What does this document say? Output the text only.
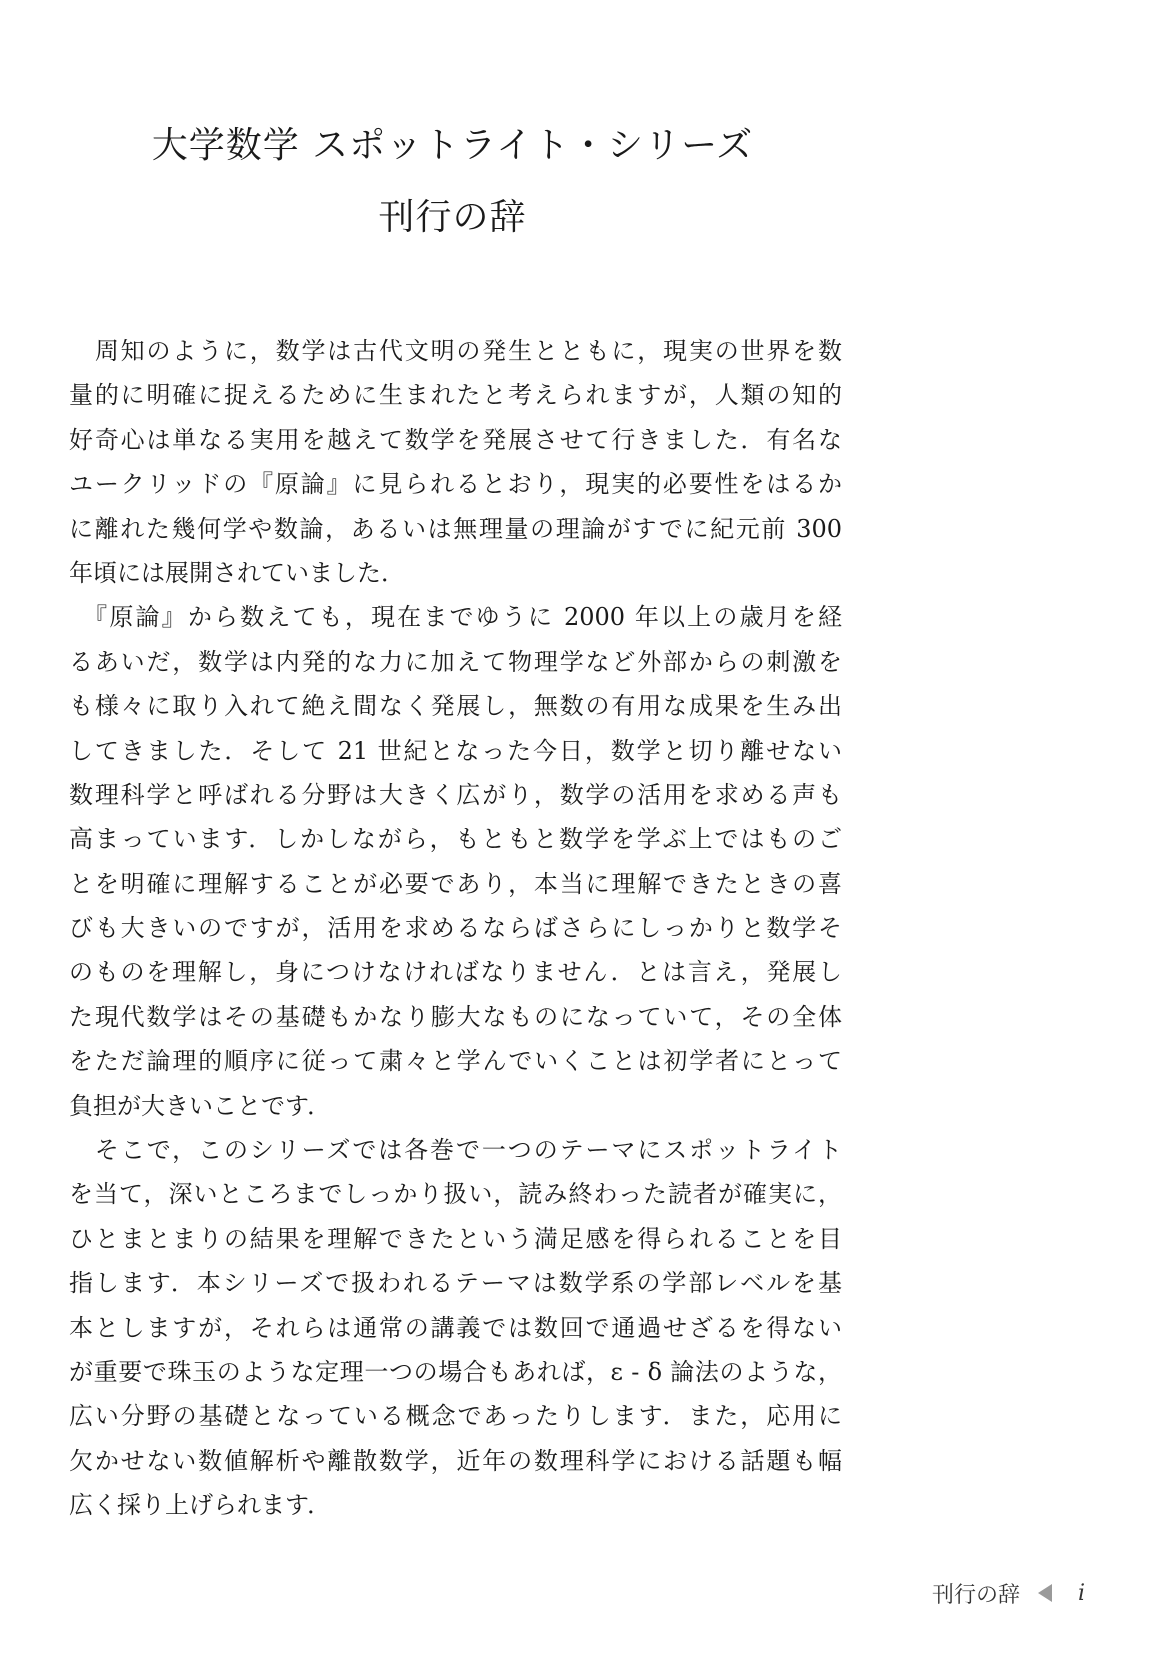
大学数学 スポットライト・シリーズ
刊行の辞
　周知のように，数学は古代文明の発生とともに，現実の世界を数
量的に明確に捉えるために生まれたと考えられますが，人類の知的
好奇心は単なる実用を越えて数学を発展させて行きました．有名な
ユークリッドの『原論』に見られるとおり，現実的必要性をはるか
に離れた幾何学や数論，あるいは無理量の理論がすでに紀元前 300
年頃には展開されていました．
　『原論』から数えても，現在までゆうに 2000 年以上の歳月を経
るあいだ，数学は内発的な力に加えて物理学など外部からの刺激を
も様々に取り入れて絶え間なく発展し，無数の有用な成果を生み出
してきました．そして 21 世紀となった今日，数学と切り離せない
数理科学と呼ばれる分野は大きく広がり，数学の活用を求める声も
高まっています．しかしながら，もともと数学を学ぶ上ではものご
とを明確に理解することが必要であり，本当に理解できたときの喜
びも大きいのですが，活用を求めるならばさらにしっかりと数学そ
のものを理解し，身につけなければなりません．とは言え，発展し
た現代数学はその基礎もかなり膨大なものになっていて，その全体
をただ論理的順序に従って粛々と学んでいくことは初学者にとって
負担が大きいことです．
　そこで，このシリーズでは各巻で一つのテーマにスポットライト
を当て，深いところまでしっかり扱い，読み終わった読者が確実に，
ひとまとまりの結果を理解できたという満足感を得られることを目
指します．本シリーズで扱われるテーマは数学系の学部レベルを基
本としますが，それらは通常の講義では数回で通過せざるを得ない
が重要で珠玉のような定理一つの場合もあれば，ε - δ 論法のような，
広い分野の基礎となっている概念であったりします．また，応用に
欠かせない数値解析や離散数学，近年の数理科学における話題も幅
広く採り上げられます．
刊行の辞	i
